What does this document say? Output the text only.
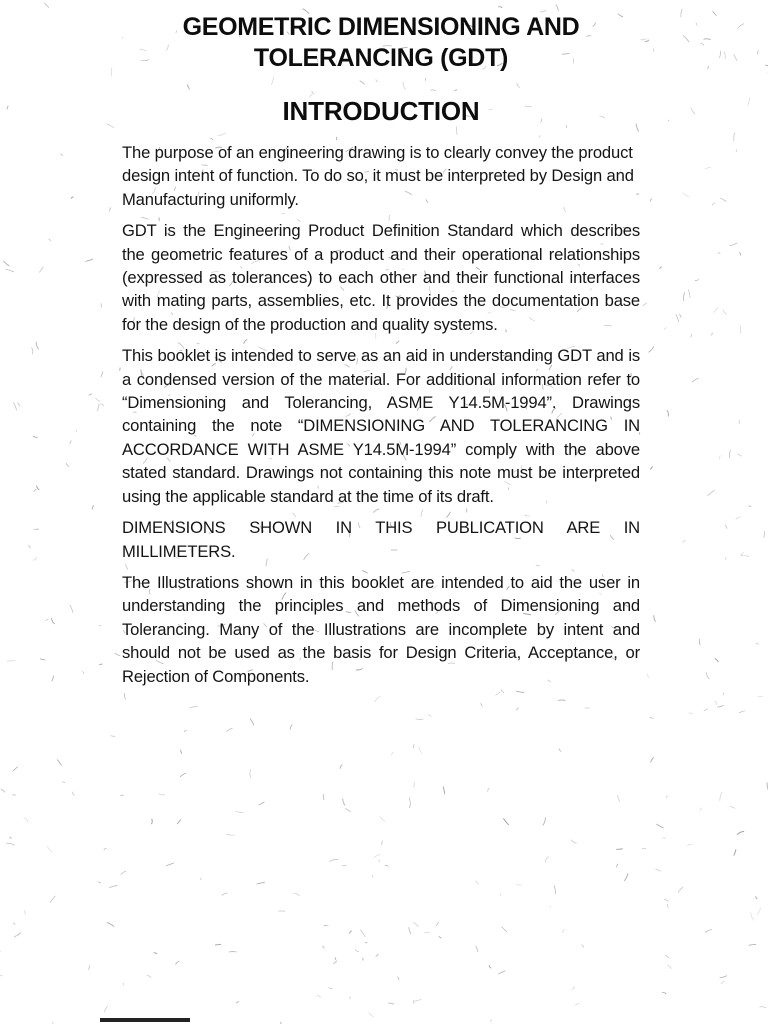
GEOMETRIC DIMENSIONING AND
TOLERANCING (GDT)
INTRODUCTION

The purpose of an engineering drawing is to clearly convey the product design intent of function. To do so, it must be interpreted by Design and Manufacturing uniformly.

GDT is the Engineering Product Definition Standard which describes the geometric features of a product and their operational relationships (expressed as tolerances) to each other and their functional interfaces with mating parts, assemblies, etc. It provides the documentation base for the design of the production and quality systems.

This booklet is intended to serve as an aid in understanding GDT and is a condensed version of the material. For additional information refer to “Dimensioning and Tolerancing, ASME Y14.5M-1994”. Drawings containing the note “DIMENSIONING AND TOLERANCING IN ACCORDANCE WITH ASME Y14.5M-1994” comply with the above stated standard. Drawings not containing this note must be interpreted using the applicable standard at the time of its draft.

DIMENSIONS SHOWN IN THIS PUBLICATION ARE IN MILLIMETERS.

The Illustrations shown in this booklet are intended to aid the user in understanding the principles and methods of Dimensioning and Tolerancing. Many of the Illustrations are incomplete by intent and should not be used as the basis for Design Criteria, Acceptance, or Rejection of Components.
